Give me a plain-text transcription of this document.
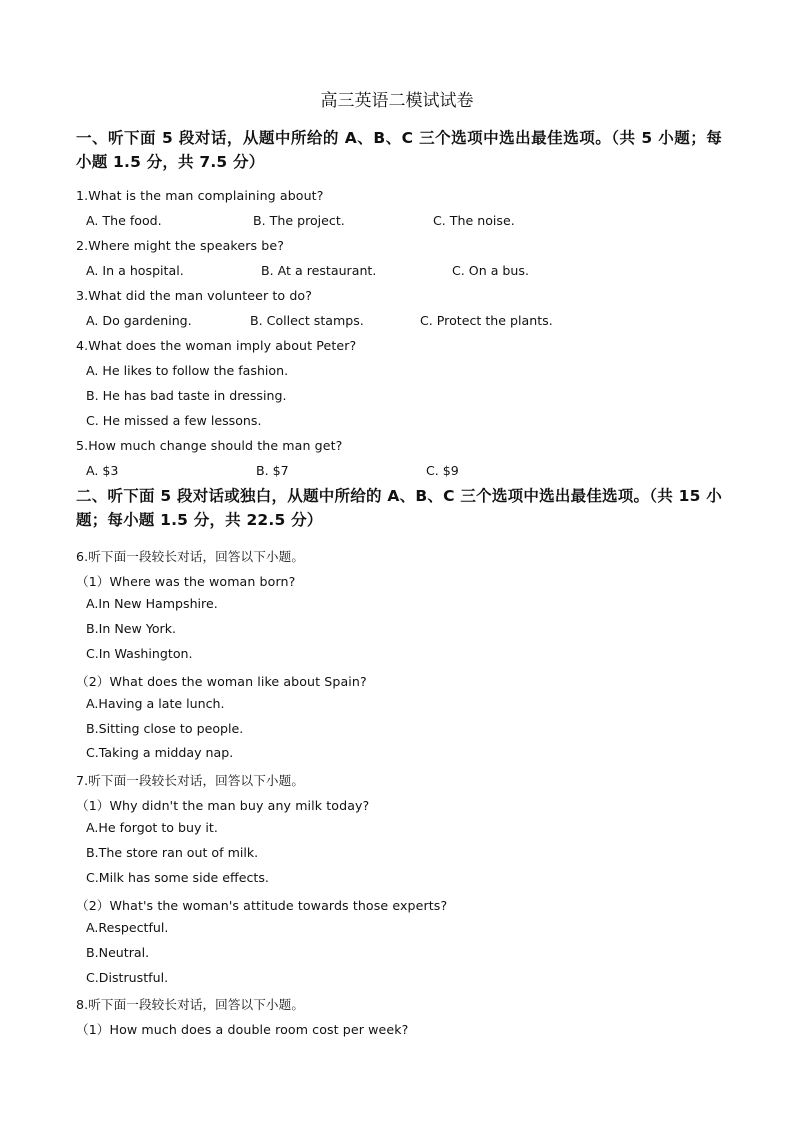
高三英语二模试试卷
一、听下面 5 段对话，从题中所给的 A、B、C 三个选项中选出最佳选项。（共 5 小题；每小题 1.5 分，共 7.5 分）
1.What is the man complaining about?
A. The food.	B. The project.	C. The noise.
2.Where might the speakers be?
A. In a hospital.	B. At a restaurant.	C. On a bus.
3.What did the man volunteer to do?
A. Do gardening.	B. Collect stamps.	C. Protect the plants.
4.What does the woman imply about Peter?
A. He likes to follow the fashion.
B. He has bad taste in dressing.
C. He missed a few lessons.
5.How much change should the man get?
A. $3	B. $7	C. $9
二、听下面 5 段对话或独白，从题中所给的 A、B、C 三个选项中选出最佳选项。（共 15 小题；每小题 1.5 分，共 22.5 分）
6.听下面一段较长对话，回答以下小题。
（1）Where was the woman born?
A.In New Hampshire.
B.In New York.
C.In Washington.
（2）What does the woman like about Spain?
A.Having a late lunch.
B.Sitting close to people.
C.Taking a midday nap.
7.听下面一段较长对话，回答以下小题。
（1）Why didn't the man buy any milk today?
A.He forgot to buy it.
B.The store ran out of milk.
C.Milk has some side effects.
（2）What's the woman's attitude towards those experts?
A.Respectful.
B.Neutral.
C.Distrustful.
8.听下面一段较长对话，回答以下小题。
（1）How much does a double room cost per week?
